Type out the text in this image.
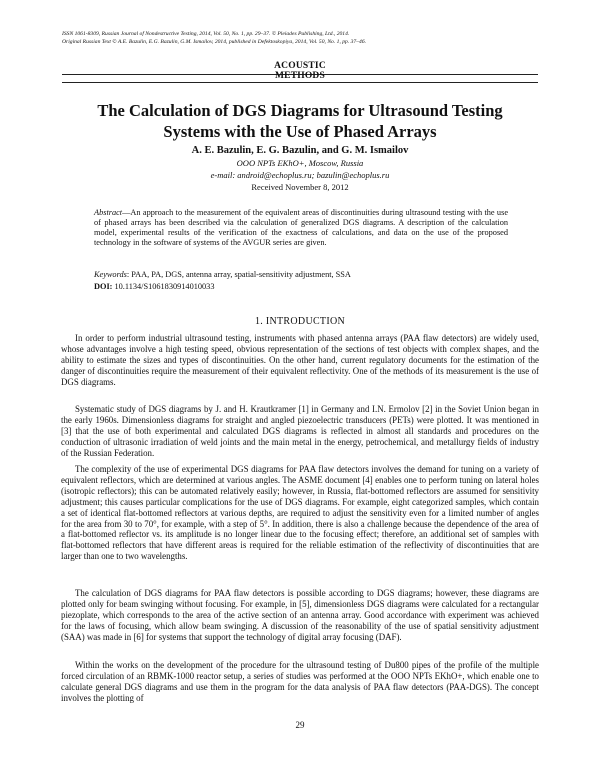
ISSN 1061-8309, Russian Journal of Nondestructive Testing, 2014, Vol. 50, No. 1, pp. 29–37. © Pleiades Publishing, Ltd., 2014.
Original Russian Text © A.E. Bazulin, E.G. Bazulin, G.M. Ismailov, 2014, published in Defektoskopiya, 2014, Vol. 50, No. 1, pp. 37–46.
ACOUSTIC
METHODS
The Calculation of DGS Diagrams for Ultrasound Testing
Systems with the Use of Phased Arrays
A. E. Bazulin, E. G. Bazulin, and G. M. Ismailov
OOO NPTs EKhO+, Moscow, Russia
e-mail: android@echoplus.ru; bazulin@echoplus.ru
Received November 8, 2012
Abstract—An approach to the measurement of the equivalent areas of discontinuities during ultrasound testing with the use of phased arrays has been described via the calculation of generalized DGS diagrams. A description of the calculation model, experimental results of the verification of the exactness of calculations, and data on the use of the proposed technology in the software of systems of the AVGUR series are given.
Keywords: PAA, PA, DGS, antenna array, spatial-sensitivity adjustment, SSA
DOI: 10.1134/S1061830914010033
1. INTRODUCTION

In order to perform industrial ultrasound testing, instruments with phased antenna arrays (PAA flaw detectors) are widely used, whose advantages involve a high testing speed, obvious representation of the sections of test objects with complex shapes, and the ability to estimate the sizes and types of discontinuities. On the other hand, current regulatory documents for the estimation of the danger of discontinuities require the measurement of their equivalent reflectivity. One of the methods of its measurement is the use of DGS diagrams.

Systematic study of DGS diagrams by J. and H. Krautkramer [1] in Germany and I.N. Ermolov [2] in the Soviet Union began in the early 1960s. Dimensionless diagrams for straight and angled piezoelectric transducers (PETs) were plotted. It was mentioned in [3] that the use of both experimental and calculated DGS diagrams is reflected in almost all standards and procedures on the conduction of ultrasonic irradiation of weld joints and the main metal in the energy, petrochemical, and metallurgy fields of industry of the Russian Federation.

The complexity of the use of experimental DGS diagrams for PAA flaw detectors involves the demand for tuning on a variety of equivalent reflectors, which are determined at various angles. The ASME document [4] enables one to perform tuning on lateral holes (isotropic reflectors); this can be automated relatively easily; however, in Russia, flat-bottomed reflectors are assumed for sensitivity adjustment; this causes particular complications for the use of DGS diagrams. For example, eight categorized samples, which contain a set of identical flat-bottomed reflectors at various depths, are required to adjust the sensitivity even for a limited number of angles for the area from 30 to 70°, for example, with a step of 5°. In addition, there is also a challenge because the dependence of the area of a flat-bottomed reflector vs. its amplitude is no longer linear due to the focusing effect; therefore, an additional set of samples with flat-bottomed reflectors that have different areas is required for the reliable estimation of the reflectivity of discontinuities that are larger than one to two wavelengths.

The calculation of DGS diagrams for PAA flaw detectors is possible according to DGS diagrams; however, these diagrams are plotted only for beam swinging without focusing. For example, in [5], dimensionless DGS diagrams were calculated for a rectangular piezoplate, which corresponds to the area of the active section of an antenna array. Good accordance with experiment was achieved for the laws of focusing, which allow beam swinging. A discussion of the reasonability of the use of spatial sensitivity adjustment (SAA) was made in [6] for systems that support the technology of digital array focusing (DAF).

Within the works on the development of the procedure for the ultrasound testing of Du800 pipes of the profile of the multiple forced circulation of an RBMK-1000 reactor setup, a series of studies was performed at the OOO NPTs EKhO+, which enable one to calculate general DGS diagrams and use them in the program for the data analysis of PAA flaw detectors (PAA-DGS). The concept involves the plotting of

29
